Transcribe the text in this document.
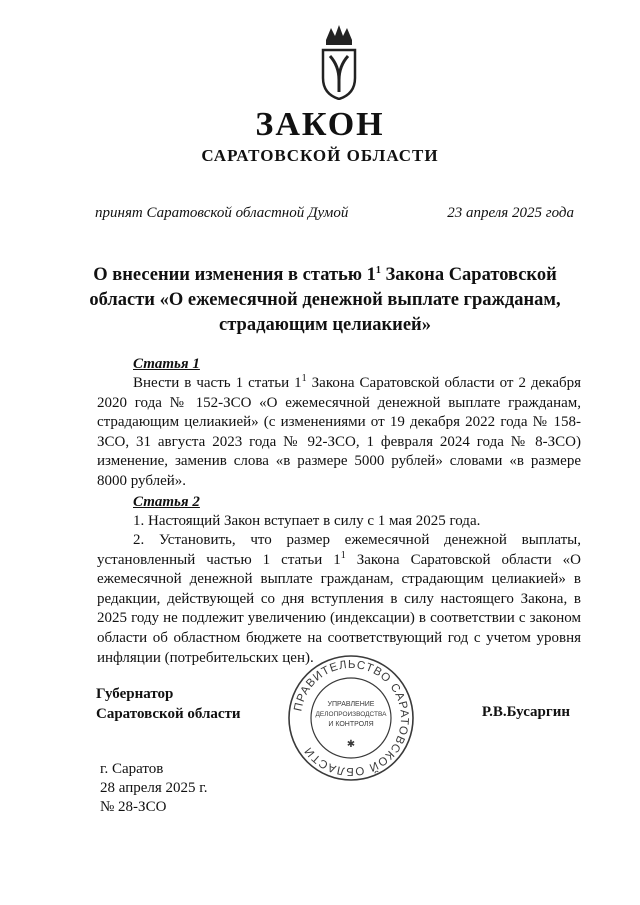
ЗАКОН
САРАТОВСКОЙ ОБЛАСТИ
принят Саратовской областной Думой	23 апреля 2025 года
О внесении изменения в статью $1^1$ Закона Саратовской области «О ежемесячной денежной выплате гражданам, страдающим целиакией»
Статья 1
Внести в часть 1 статьи $1^1$ Закона Саратовской области от 2 декабря 2020 года № 152-ЗСО «О ежемесячной денежной выплате гражданам, страдающим целиакией» (с изменениями от 19 декабря 2022 года № 158-ЗСО, 31 августа 2023 года № 92-ЗСО, 1 февраля 2024 года № 8-ЗСО) изменение, заменив слова «в размере 5000 рублей» словами «в размере 8000 рублей».
Статья 2
1. Настоящий Закон вступает в силу с 1 мая 2025 года.
2. Установить, что размер ежемесячной денежной выплаты, установленный частью 1 статьи $1^1$ Закона Саратовской области «О ежемесячной денежной выплате гражданам, страдающим целиакией» в редакции, действующей со дня вступления в силу настоящего Закона, в 2025 году не подлежит увеличению (индексации) в соответствии с законом области об областном бюджете на соответствующий год с учетом уровня инфляции (потребительских цен).
Губернатор
Саратовской области	ПРАВИТЕЛЬСТВО САРАТОВСКОЙ ОБЛАСТИ
УПРАВЛЕНИЕ
ДЕЛОПРОИЗВОДСТВА
И КОНТРОЛЯ
✱
Р.В.Бусаргин
г. Саратов
28 апреля 2025 г.
№ 28-ЗСО
